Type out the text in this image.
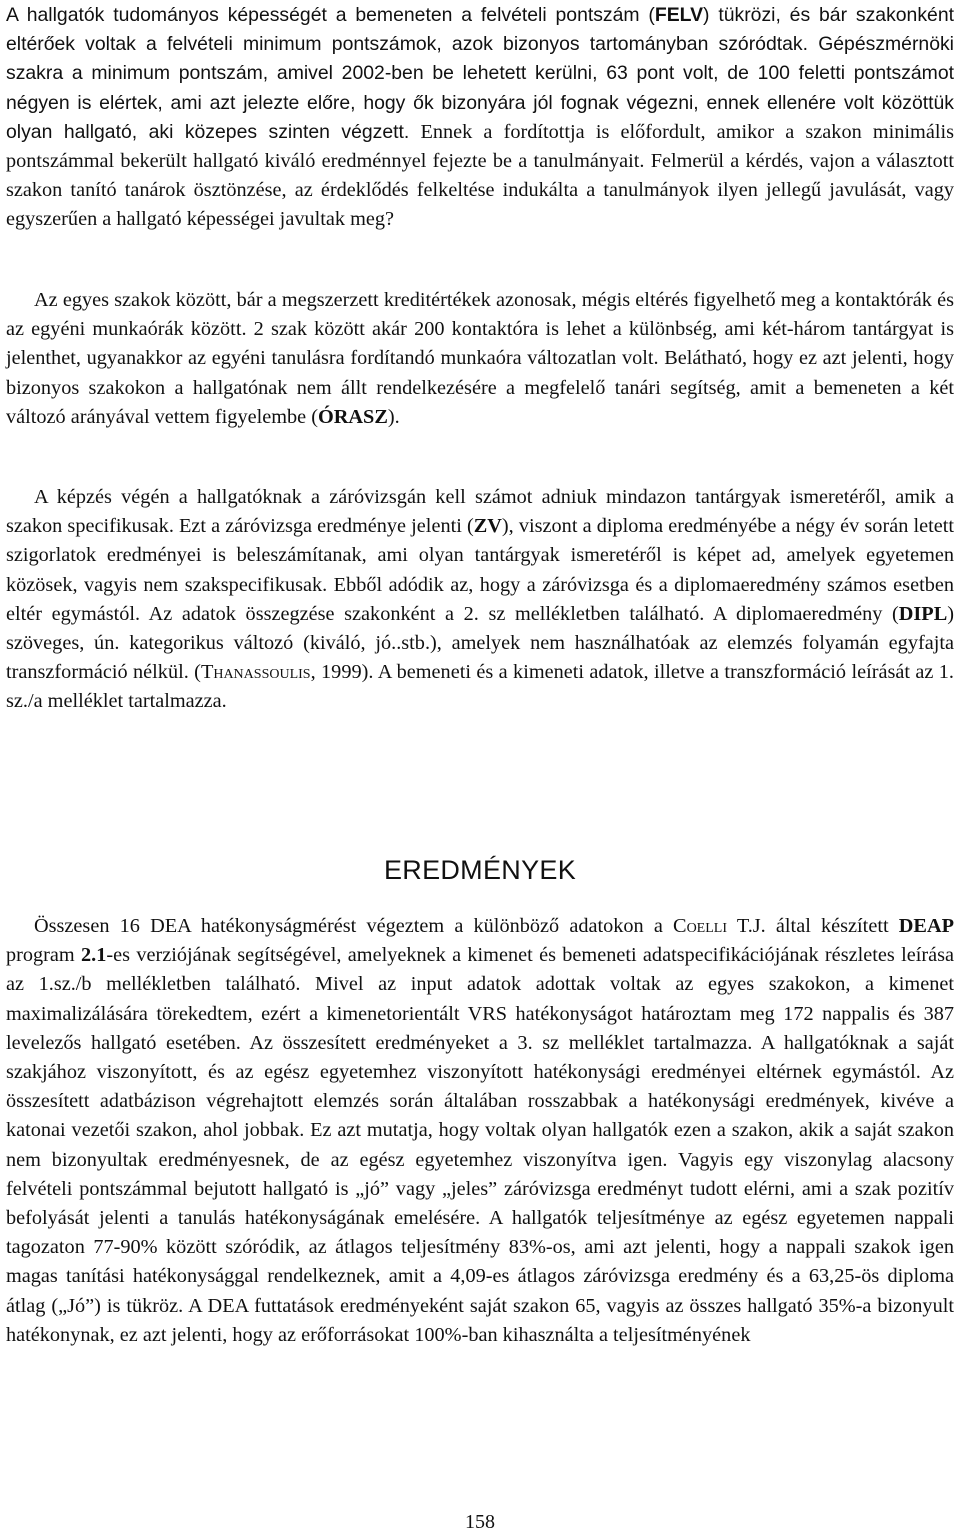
A hallgatók tudományos képességét a bemeneten a felvételi pontszám (FELV) tükrözi, és bár szakonként eltérőek voltak a felvételi minimum pontszámok, azok bizonyos tartományban szóródtak. Gépészmérnöki szakra a minimum pontszám, amivel 2002-ben be lehetett kerülni, 63 pont volt, de 100 feletti pontszámot négyen is elértek, ami azt jelezte előre, hogy ők bizonyára jól fognak végezni, ennek ellenére volt közöttük olyan hallgató, aki közepes szinten végzett. Ennek a fordítottja is előfordult, amikor a szakon minimális pontszámmal bekerült hallgató kiváló eredménnyel fejezte be a tanulmányait. Felmerül a kérdés, vajon a választott szakon tanító tanárok ösztönzése, az érdeklődés felkeltése indukálta a tanulmányok ilyen jellegű javulását, vagy egyszerűen a hallgató képességei javultak meg?

Az egyes szakok között, bár a megszerzett kreditértékek azonosak, mégis eltérés figyelhető meg a kontaktórák és az egyéni munkaórák között. 2 szak között akár 200 kontaktóra is lehet a különbség, ami két-három tantárgyat is jelenthet, ugyanakkor az egyéni tanulásra fordítandó munkaóra változatlan volt. Belátható, hogy ez azt jelenti, hogy bizonyos szakokon a hallgatónak nem állt rendelkezésére a megfelelő tanári segítség, amit a bemeneten a két változó arányával vettem figyelembe (ÓRASZ).

A képzés végén a hallgatóknak a záróvizsgán kell számot adniuk mindazon tantárgyak ismeretéről, amik a szakon specifikusak. Ezt a záróvizsga eredménye jelenti (ZV), viszont a diploma eredményébe a négy év során letett szigorlatok eredményei is beleszámítanak, ami olyan tantárgyak ismeretéről is képet ad, amelyek egyetemen közösek, vagyis nem szakspecifikusak. Ebből adódik az, hogy a záróvizsga és a diplomaeredmény számos esetben eltér egymástól. Az adatok összegzése szakonként a 2. sz mellékletben található. A diplomaeredmény (DIPL) szöveges, ún. kategorikus változó (kiváló, jó..stb.), amelyek nem használhatóak az elemzés folyamán egyfajta transzformáció nélkül. (Thanassoulis, 1999). A bemeneti és a kimeneti adatok, illetve a transzformáció leírását az 1. sz./a melléklet tartalmazza.

EREDMÉNYEK

Összesen 16 DEA hatékonyságmérést végeztem a különböző adatokon a Coelli T.J. által készített DEAP program 2.1-es verziójának segítségével, amelyeknek a kimenet és bemeneti adatspecifikációjának részletes leírása az 1.sz./b mellékletben található. Mivel az input adatok adottak voltak az egyes szakokon, a kimenet maximalizálására törekedtem, ezért a kimenetorientált VRS hatékonyságot határoztam meg 172 nappalis és 387 levelezős hallgató esetében. Az összesített eredményeket a 3. sz melléklet tartalmazza. A hallgatóknak a saját szakjához viszonyított, és az egész egyetemhez viszonyított hatékonysági eredményei eltérnek egymástól. Az összesített adatbázison végrehajtott elemzés során általában rosszabbak a hatékonysági eredmények, kivéve a katonai vezetői szakon, ahol jobbak. Ez azt mutatja, hogy voltak olyan hallgatók ezen a szakon, akik a saját szakon nem bizonyultak eredményesnek, de az egész egyetemhez viszonyítva igen. Vagyis egy viszonylag alacsony felvételi pontszámmal bejutott hallgató is „jó” vagy „jeles” záróvizsga eredményt tudott elérni, ami a szak pozitív befolyását jelenti a tanulás hatékonyságának emelésére. A hallgatók teljesítménye az egész egyetemen nappali tagozaton 77-90% között szóródik, az átlagos teljesítmény 83%-os, ami azt jelenti, hogy a nappali szakok igen magas tanítási hatékonysággal rendelkeznek, amit a 4,09-es átlagos záróvizsga eredmény és a 63,25-ös diploma átlag („Jó”) is tükröz. A DEA futtatások eredményeként saját szakon 65, vagyis az összes hallgató 35%-a bizonyult hatékonynak, ez azt jelenti, hogy az erőforrásokat 100%-ban kihasználta a teljesítményének

158
